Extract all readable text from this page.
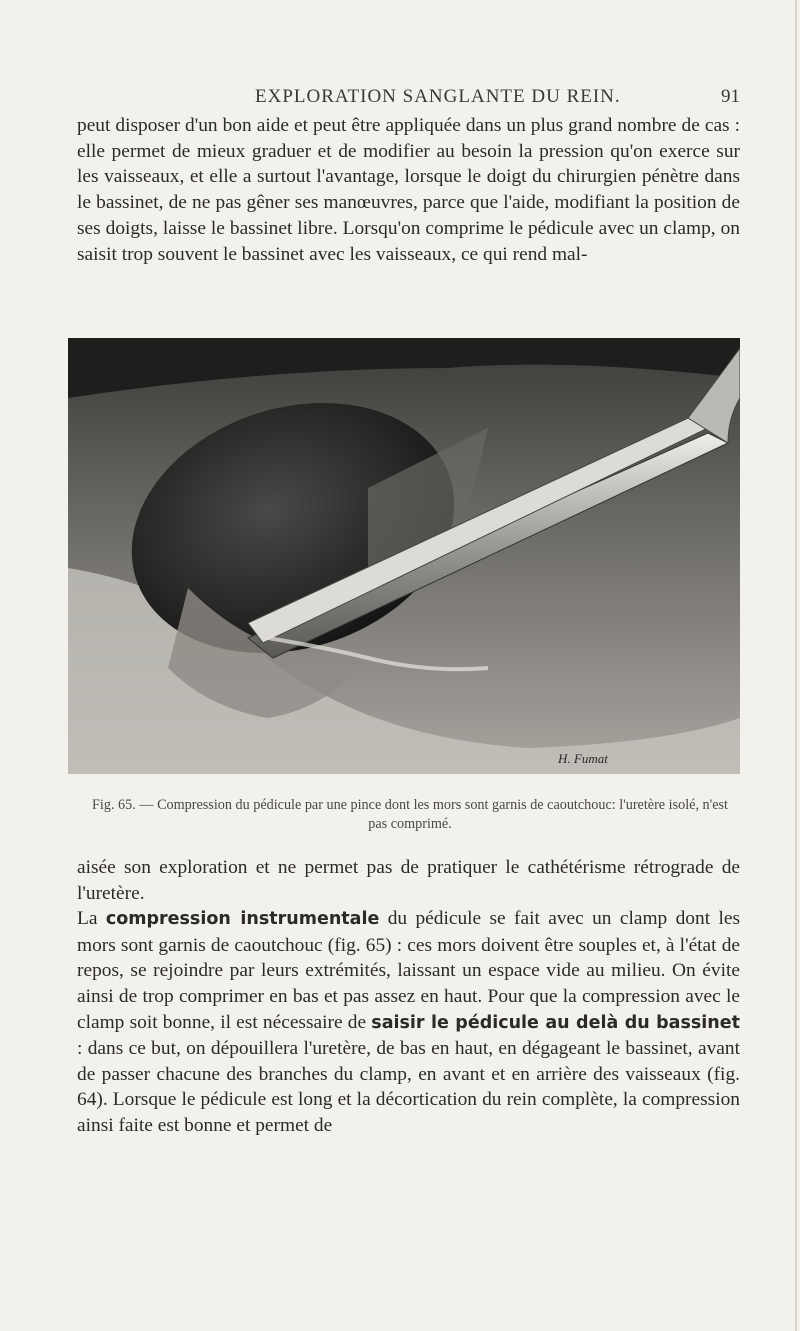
EXPLORATION SANGLANTE DU REIN.	91

peut disposer d'un bon aide et peut être appliquée dans un plus grand nombre de cas : elle permet de mieux graduer et de modifier au besoin la pression qu'on exerce sur les vaisseaux, et elle a surtout l'avantage, lorsque le doigt du chirurgien pénètre dans le bassinet, de ne pas gêner ses manœuvres, parce que l'aide, modifiant la position de ses doigts, laisse le bassinet libre. Lorsqu'on comprime le pédicule avec un clamp, on saisit trop souvent le bassinet avec les vaisseaux, ce qui rend mal-

H. Fumat

Fig. 65. — Compression du pédicule par une pince dont les mors sont garnis de caoutchouc: l'uretère isolé, n'est pas comprimé.

aisée son exploration et ne permet pas de pratiquer le cathétérisme rétrograde de l'uretère.
La compression instrumentale du pédicule se fait avec un clamp dont les mors sont garnis de caoutchouc (fig. 65) : ces mors doivent être souples et, à l'état de repos, se rejoindre par leurs extrémités, laissant un espace vide au milieu. On évite ainsi de trop comprimer en bas et pas assez en haut. Pour que la compression avec le clamp soit bonne, il est nécessaire de saisir le pédicule au delà du bassinet : dans ce but, on dépouillera l'uretère, de bas en haut, en dégageant le bassinet, avant de passer chacune des branches du clamp, en avant et en arrière des vaisseaux (fig. 64). Lorsque le pédicule est long et la décortication du rein complète, la compression ainsi faite est bonne et permet de
